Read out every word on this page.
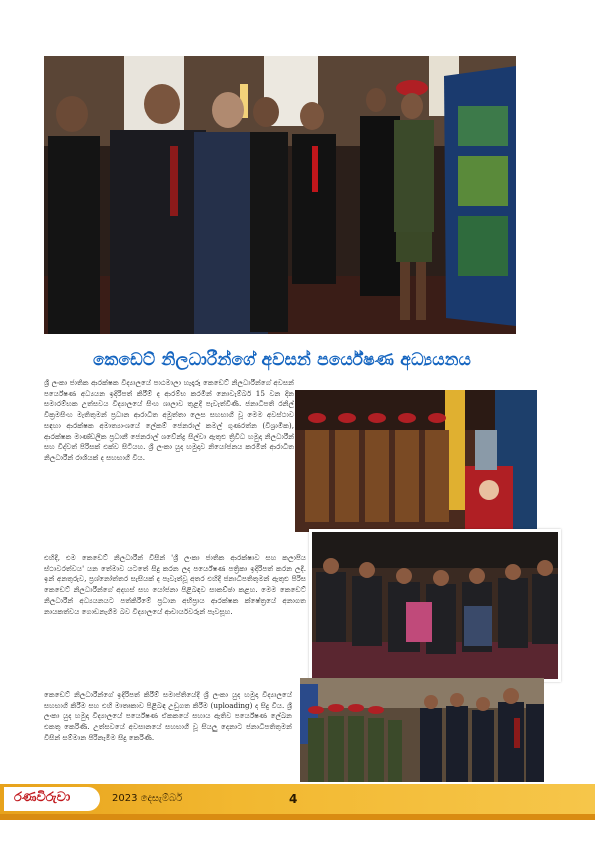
කෙඩෙට් නිලධාරීන්ගේ අවසන් පර්යේෂණ අධ්‍යයනය
ශ්‍රී ලංකා ජාතික ආරක්ෂක විද්‍යාලයේ පාඨමාලා හැදෑරූ කෙඩෙට් නිලධාරීන්ගේ අවසන් පර්යේෂණ අධ්‍යයන ඉදිරිපත් කිරීම් ද ආරම්භ කරමින් නොවැම්බර් 15 වන දින සමාරම්භක උත්සවය විද්‍යාලයේ සිංහ ශාලාව තුළදී පැවැත්විණි. ජනාධිපති රනිල් වික්‍රමසිංහ මැතිතුමන් ප්‍රධාන ආරාධිත අමුත්තා ලෙස සහභාගී වූ මෙම අවස්ථාව සඳහා ආරක්ෂක අමාත්‍යාංශයේ ලේකම් ජෙනරාල් කමල් ගුණරත්න (විශ්‍රාමික), ආරක්ෂක මාණ්ඩලික ප්‍රධානී ජෙනරාල් ශවේන්ද්‍ර සිල්වා ඇතුළු ත්‍රිවිධ හමුදා නිලධාරීන් සහ විද්වත් පිරිසක් එක්ව සිටියහ. ශ්‍රී ලංකා යුද හමුදාව නියෝජනය කරමින් ආරාධිත නිලධාරීන් රාශියක් ද සහභාගී විය.
එහිදී, එම කෙඩෙට් නිලධාරීන් විසින් 'ශ්‍රී ලංකා ජාතික ආරක්ෂාව සහ කලාපීය ස්ථාවරත්වය' යන තේමාව යටතේ සිදු කරන ලද පර්යේෂණ පත්‍රිකා ඉදිරිපත් කරන ලදී. ඉන් අනතුරුව, ප්‍රශ්නෝත්තර සැසියක් ද පැවැත්වූ අතර එහිදී ජනාධිපතිතුමන් ඇතුළු පිරිස කෙඩෙට් නිලධාරීන්ගේ අදහස් සහ යෝජනා පිළිබඳව සාකච්ඡා කළහ. මෙම කෙඩෙට් නිලධාරීන් අධ්‍යයනයට පත්කිරීමේ ප්‍රධාන අභිප්‍රාය ආරක්ෂක ක්ෂේත්‍රයේ අනාගත නායකත්වය ගොඩනැගීම බව විද්‍යාලයේ ආචාර්යවරුන් පැවසූහ.
කෙඩෙට් නිලධාරීන්ගේ ඉදිරිපත් කිරීම් සමාප්තියේදී ශ්‍රී ලංකා යුද හමුදා විද්‍යාලයේ සහභාගි කිරීම සහ එහි මාතෘකාව පිළිබඳ උඩුගත කිරීම (uploading) ද සිදු විය. ශ්‍රී ලංකා යුද හමුදා විද්‍යාලයේ පර්යේෂණ ඒකකයේ සහාය ඇතිව පර්යේෂණ ලේඛන එකතු කෙරිණි. උත්සවයේ අවසානයේ සහභාගී වූ සියලු දෙනාට ජනාධිපතිතුමන් විසින් සම්මාන පිරිනැමීම සිදු කෙරිණි.
රණවිරුවා	2023 දෙසැම්බර්	4
